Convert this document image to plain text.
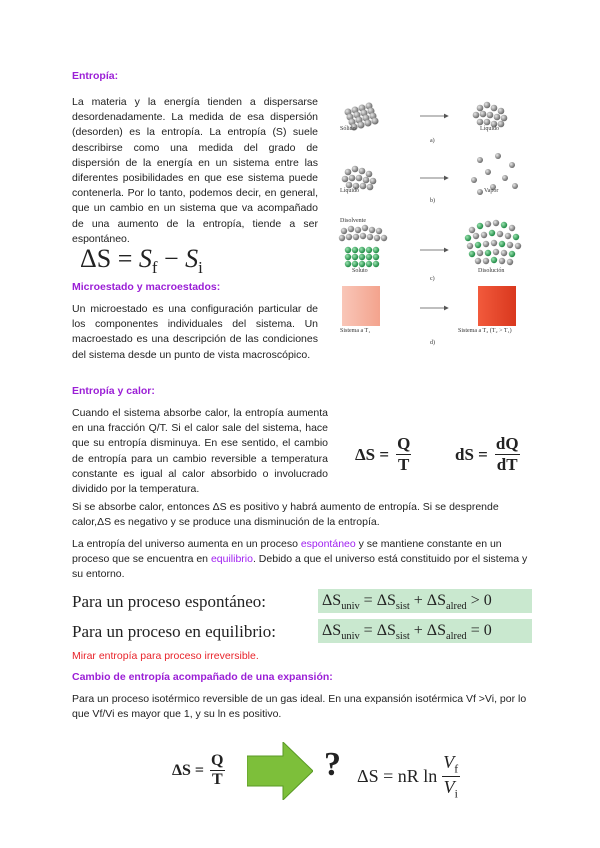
Entropía:
La materia y la energía tienden a dispersarse desordenadamente. La medida de esa dispersión (desorden) es la entropía. La entropía (S) suele describirse como una medida del grado de dispersión de la energía en un sistema entre las diferentes posibilidades en que ese sistema puede contenerla. Por lo tanto, podemos decir, en general, que un cambio en un sistema que va acompañado de una aumento de la entropía, tiende a ser espontáneo.
$\Delta S = S_f - S_i$
Microestado y macroestados:
Un microestado es una configuración particular de los componentes individuales del sistema. Un macroestado es una descripción de las condiciones del sistema desde un punto de vista macroscópico.
Sólido	Líquido
a)
Líquido	Vapor
b)
Disolvente
Soluto	Disolución
c)
Sistema a T₁	Sistema a T₂ (T₂ > T₁)
d)
Entropía y calor:
Cuando el sistema absorbe calor, la entropía aumenta en una fracción Q/T. Si el calor sale del sistema, hace que su entropía disminuya. En ese sentido, el cambio de entropía para un cambio reversible a temperatura constante es igual al calor absorbido o involucrado dividido por la temperatura.
$\Delta S = \frac{Q}{T}$	dS = $\frac{dQ}{dT}$
Si se absorbe calor, entonces ΔS es positivo y habrá aumento de entropía. Si se desprende calor,ΔS es negativo y se produce una disminución de la entropía.
La entropía del universo aumenta en un proceso espontáneo y se mantiene constante en un proceso que se encuentra en equilibrio. Debido a que el universo está constituido por el sistema y su entorno.
Para un proceso espontáneo:	$\Delta S_{univ} = \Delta S_{sist} + \Delta S_{alred} > 0$
Para un proceso en equilibrio:	$\Delta S_{univ} = \Delta S_{sist} + \Delta S_{alred} = 0$
Mirar entropía para proceso irreversible.
Cambio de entropía acompañado de una expansión:
Para un proceso isotérmico reversible de un gas ideal. En una expansión isotérmica Vf >Vi, por lo que Vf/Vi es mayor que 1, y su ln es positivo.
$\Delta S = \frac{Q}{T}$	? ΔS = nR ln
$V_f$
$V_i$
